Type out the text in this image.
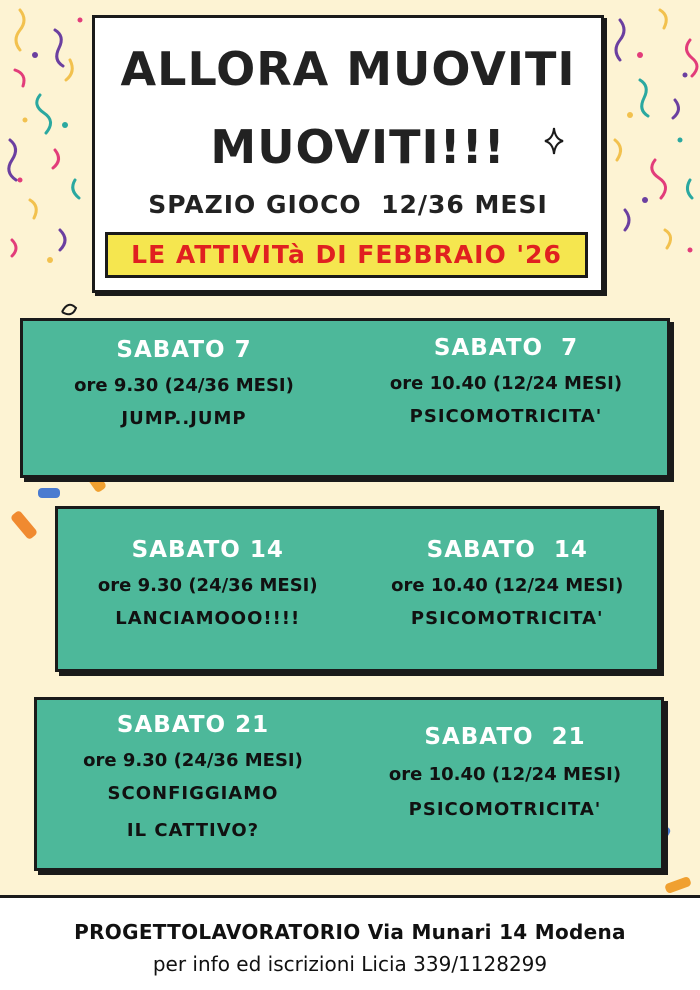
ALLORA MUOVITI
MUOVITI!!!
SPAZIO GIOCO  12/36 MESI
LE ATTIVITà DI FEBBRAIO '26
SABATO 7
ore 9.30 (24/36 MESI)
JUMP..JUMP
SABATO  7
ore 10.40 (12/24 MESI)
PSICOMOTRICITA'
SABATO 14
ore 9.30 (24/36 MESI)
LANCIAMOOO!!!!
SABATO  14
ore 10.40 (12/24 MESI)
PSICOMOTRICITA'
SABATO 21
ore 9.30 (24/36 MESI)
SCONFIGGIAMO
IL CATTIVO?
SABATO  21
ore 10.40 (12/24 MESI)
PSICOMOTRICITA'
PROGETTOLAVORATORIO Via Munari 14 Modena
per info ed iscrizioni Licia 339/1128299
